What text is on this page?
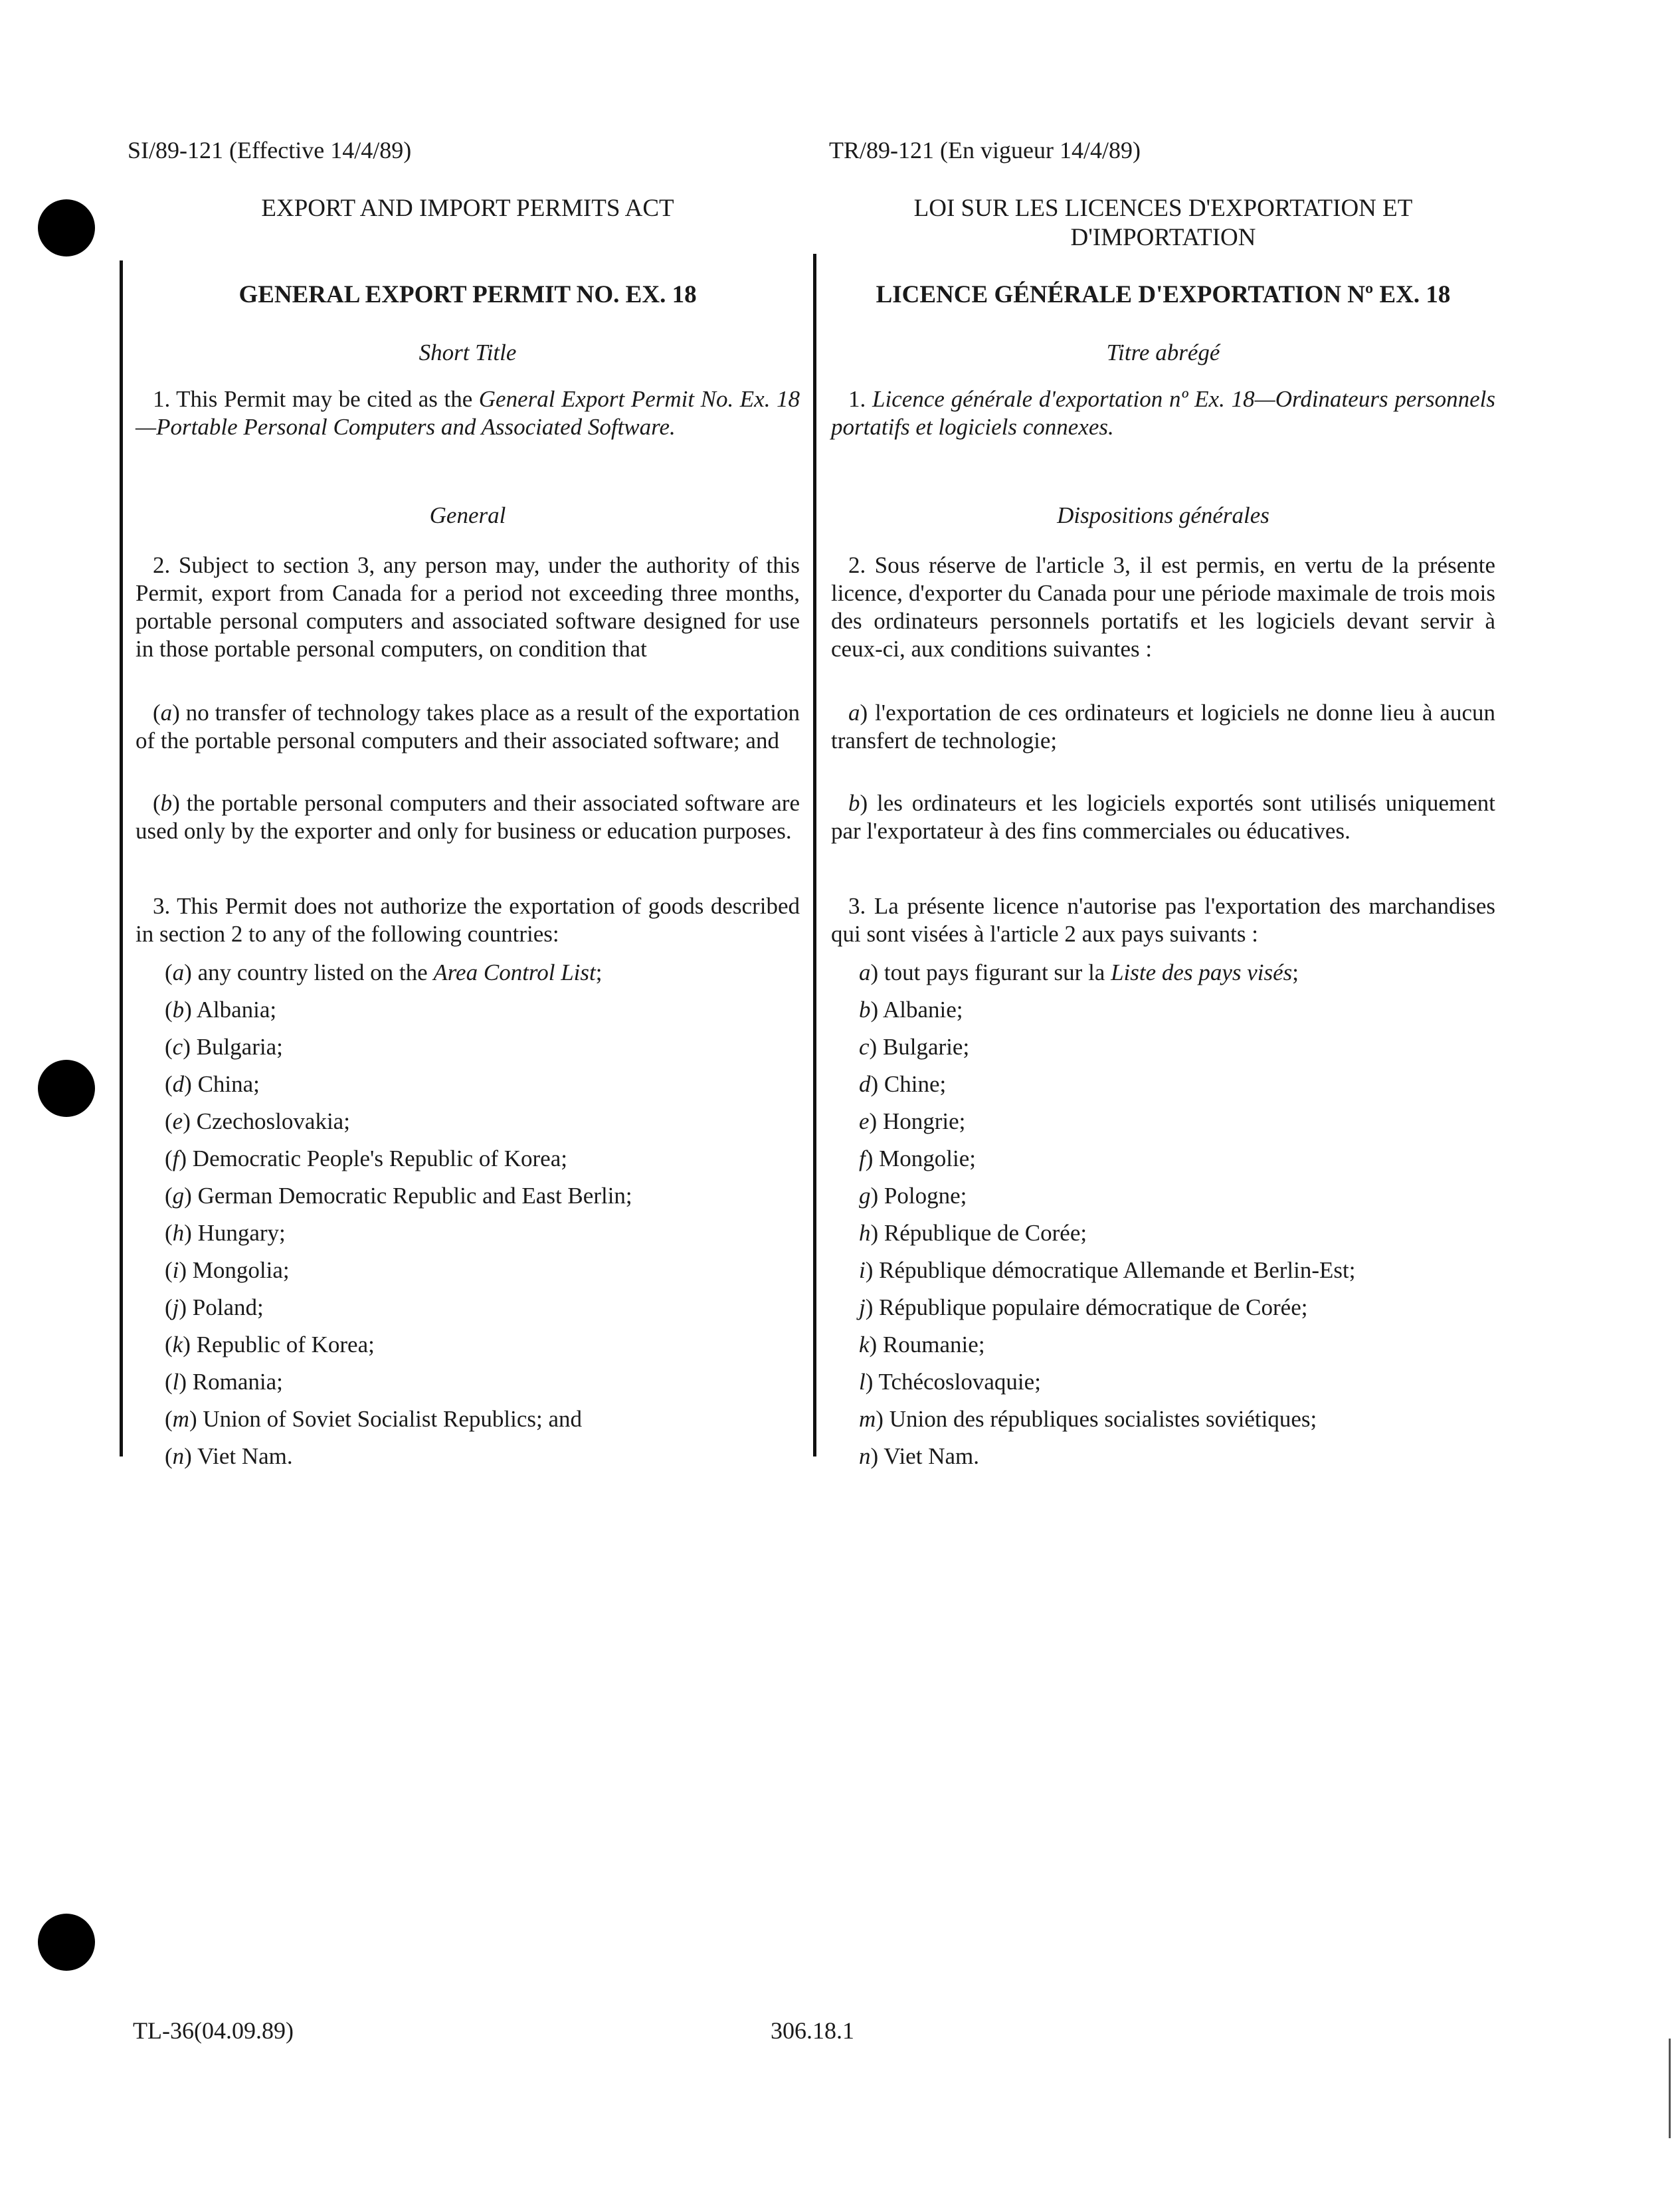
SI/89-121 (Effective 14/4/89)	TR/89-121 (En vigueur 14/4/89)
EXPORT AND IMPORT PERMITS ACT	LOI SUR LES LICENCES D'EXPORTATION ET
D'IMPORTATION
GENERAL EXPORT PERMIT NO. EX. 18	LICENCE GÉNÉRALE D'EXPORTATION Nº EX. 18
Short Title	Titre abrégé
1. This Permit may be cited as the General Export Permit No. Ex. 18—Portable Personal Computers and Associated Software.
1. Licence générale d'exportation nº Ex. 18—Ordinateurs personnels portatifs et logiciels connexes.
General	Dispositions générales
2. Subject to section 3, any person may, under the authority of this Permit, export from Canada for a period not exceeding three months, portable personal computers and associated software designed for use in those portable personal computers, on condition that
2. Sous réserve de l'article 3, il est permis, en vertu de la présente licence, d'exporter du Canada pour une période maximale de trois mois des ordinateurs personnels portatifs et les logiciels devant servir à ceux-ci, aux conditions suivantes :
(a) no transfer of technology takes place as a result of the exportation of the portable personal computers and their associated software; and
a) l'exportation de ces ordinateurs et logiciels ne donne lieu à aucun transfert de technologie;
(b) the portable personal computers and their associated software are used only by the exporter and only for business or education purposes.
b) les ordinateurs et les logiciels exportés sont utilisés uniquement par l'exportateur à des fins commerciales ou éducatives.
3. This Permit does not authorize the exportation of goods described in section 2 to any of the following countries:
3. La présente licence n'autorise pas l'exportation des marchandises qui sont visées à l'article 2 aux pays suivants :
(a) any country listed on the Area Control List;
(b) Albania;
(c) Bulgaria;
(d) China;
(e) Czechoslovakia;
(f) Democratic People's Republic of Korea;
(g) German Democratic Republic and East Berlin;
(h) Hungary;
(i) Mongolia;
(j) Poland;
(k) Republic of Korea;
(l) Romania;
(m) Union of Soviet Socialist Republics; and
(n) Viet Nam.
a) tout pays figurant sur la Liste des pays visés;
b) Albanie;
c) Bulgarie;
d) Chine;
e) Hongrie;
f) Mongolie;
g) Pologne;
h) République de Corée;
i) République démocratique Allemande et Berlin-Est;
j) République populaire démocratique de Corée;
k) Roumanie;
l) Tchécoslovaquie;
m) Union des républiques socialistes soviétiques;
n) Viet Nam.
TL-36(04.09.89)	306.18.1
